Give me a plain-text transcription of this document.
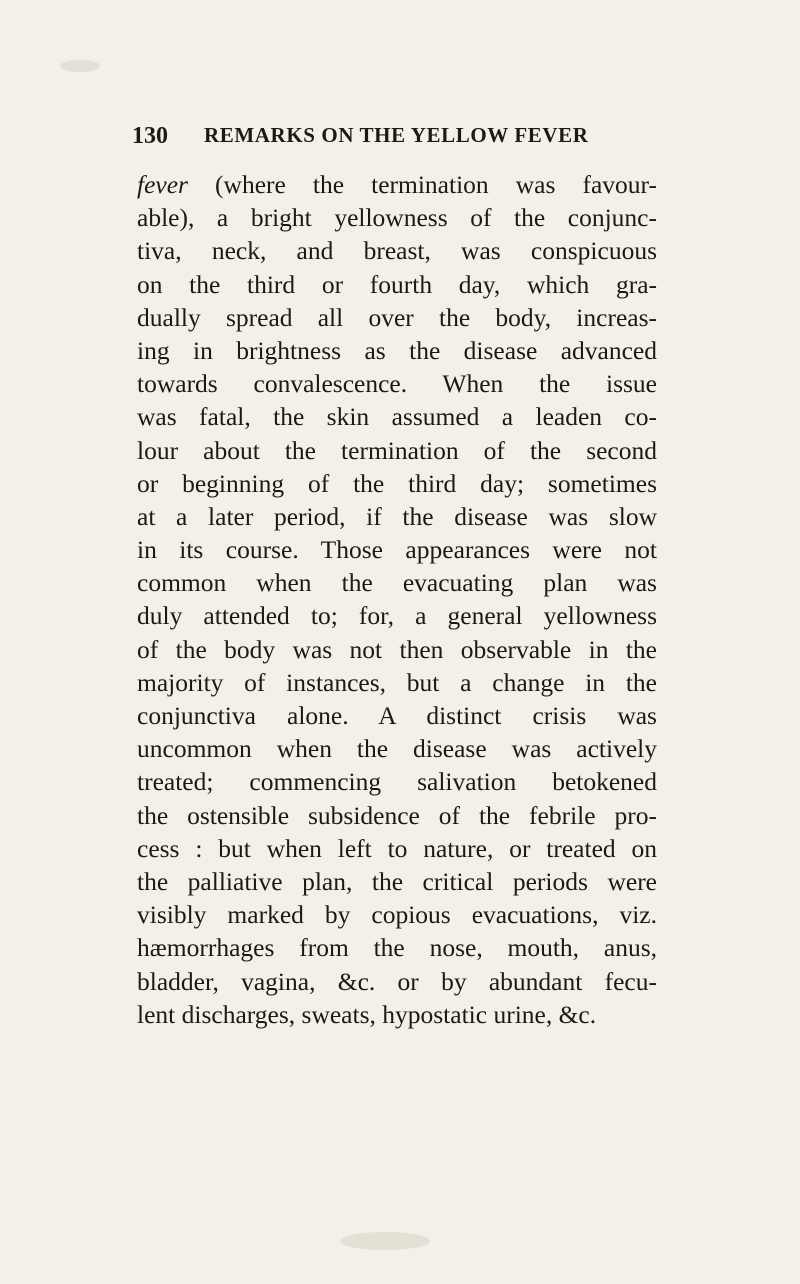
130 REMARKS ON THE YELLOW FEVER
fever (where the termination was favour-
able), a bright yellowness of the conjunc-
tiva, neck, and breast, was conspicuous
on the third or fourth day, which gra-
dually spread all over the body, increas-
ing in brightness as the disease advanced
towards convalescence. When the issue
was fatal, the skin assumed a leaden co-
lour about the termination of the second
or beginning of the third day; sometimes
at a later period, if the disease was slow
in its course. Those appearances were not
common when the evacuating plan was
duly attended to; for, a general yellowness
of the body was not then observable in the
majority of instances, but a change in the
conjunctiva alone. A distinct crisis was
uncommon when the disease was actively
treated; commencing salivation betokened
the ostensible subsidence of the febrile pro-
cess : but when left to nature, or treated on
the palliative plan, the critical periods were
visibly marked by copious evacuations, viz.
hæmorrhages from the nose, mouth, anus,
bladder, vagina, &c. or by abundant fecu-
lent discharges, sweats, hypostatic urine, &c.
